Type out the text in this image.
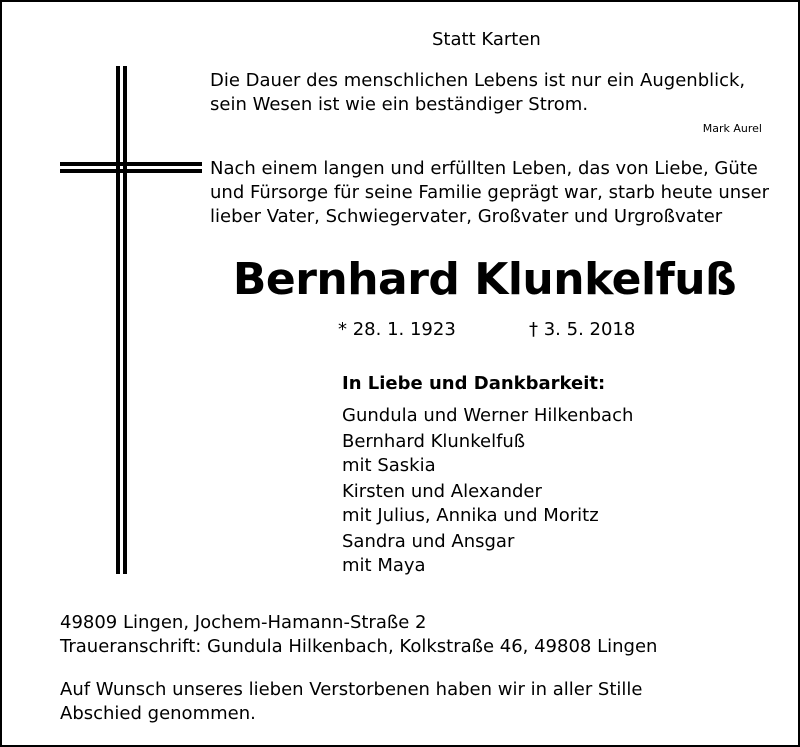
Statt Karten
Die Dauer des menschlichen Lebens ist nur ein Augenblick,
sein Wesen ist wie ein beständiger Strom.
Mark Aurel
Nach einem langen und erfüllten Leben, das von Liebe, Güte
und Fürsorge für seine Familie geprägt war, starb heute unser
lieber Vater, Schwiegervater, Großvater und Urgroßvater
Bernhard Klunkelfuß
* 28. 1. 1923	† 3. 5. 2018
In Liebe und Dankbarkeit:
Gundula und Werner Hilkenbach
Bernhard Klunkelfuß
mit Saskia
Kirsten und Alexander
mit Julius, Annika und Moritz
Sandra und Ansgar
mit Maya
49809 Lingen, Jochem-Hamann-Straße 2
Traueranschrift: Gundula Hilkenbach, Kolkstraße 46, 49808 Lingen
Auf Wunsch unseres lieben Verstorbenen haben wir in aller Stille
Abschied genommen.
